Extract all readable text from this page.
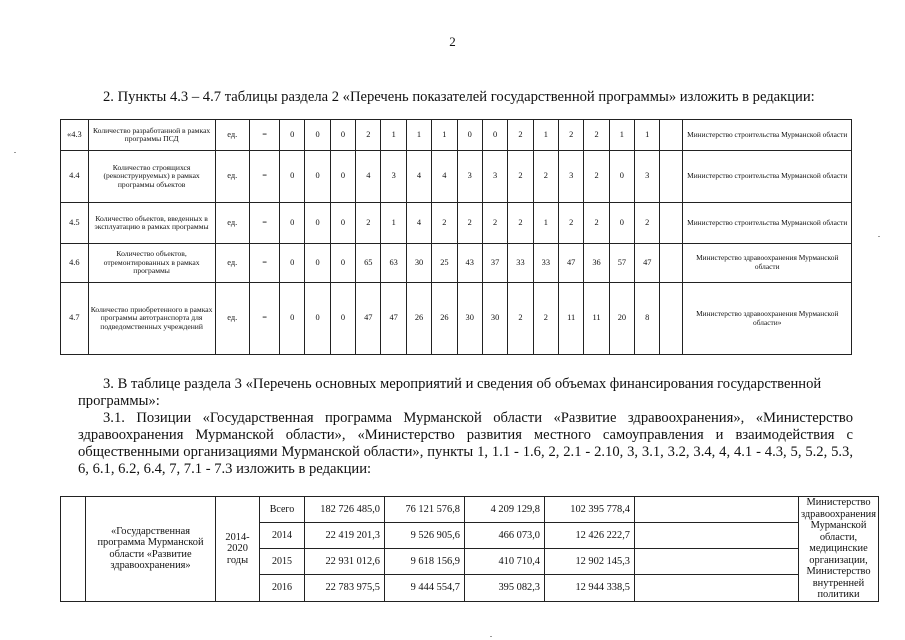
2
2. Пункты 4.3 – 4.7 таблицы раздела 2 «Перечень показателей государственной программы» изложить в редакции:
«4.3	Количество разработанной в рамках программы ПСД	ед.	=	0	0	0	2	1	1	1	0	0	2	1	2	2	1	1		Министерство строительства Мурманской области
4.4	Количество строящихся (реконструируемых) в рамках программы объектов	ед.	=	0	0	0	4	3	4	4	3	3	2	2	3	2	0	3		Министерство строительства Мурманской области
4.5	Количество объектов, введенных в эксплуатацию в рамках программы	ед.	=	0	0	0	2	1	4	2	2	2	2	1	2	2	0	2		Министерство строительства Мурманской области
4.6	Количество объектов, отремонтированных в рамках программы	ед.	=	0	0	0	65	63	30	25	43	37	33	33	47	36	57	47		Министерство здравоохранения Мурманской области
4.7	Количество приобретенного в рамках программы автотранспорта для подведомственных учреждений	ед.	=	0	0	0	47	47	26	26	30	30	2	2	11	11	20	8		Министерство здравоохранения Мурманской области»
3. В таблице раздела 3 «Перечень основных мероприятий и сведения об объемах финансирования государственной программы»:
3.1. Позиции «Государственная программа Мурманской области «Развитие здравоохранения», «Министерство здравоохранения Мурманской области», «Министерство развития местного самоуправления и взаимодействия с общественными организациями Мурманской области», пункты 1, 1.1 - 1.6, 2, 2.1 - 2.10, 3, 3.1, 3.2, 3.4, 4, 4.1 - 4.3, 5, 5.2, 5.3, 6, 6.1, 6.2, 6.4, 7, 7.1 - 7.3 изложить в редакции:
	«Государственная программа Мурманской области «Развитие здравоохранения»	2014-2020 годы	Всего	182 726 485,0	76 121 576,8	4 209 129,8	102 395 778,4		Министерство здравоохранения Мурманской области, медицинские организации, Министерство внутренней политики
			2014	22 419 201,3	9 526 905,6	466 073,0	12 426 222,7		
			2015	22 931 012,6	9 618 156,9	410 710,4	12 902 145,3		
			2016	22 783 975,5	9 444 554,7	395 082,3	12 944 338,5		
